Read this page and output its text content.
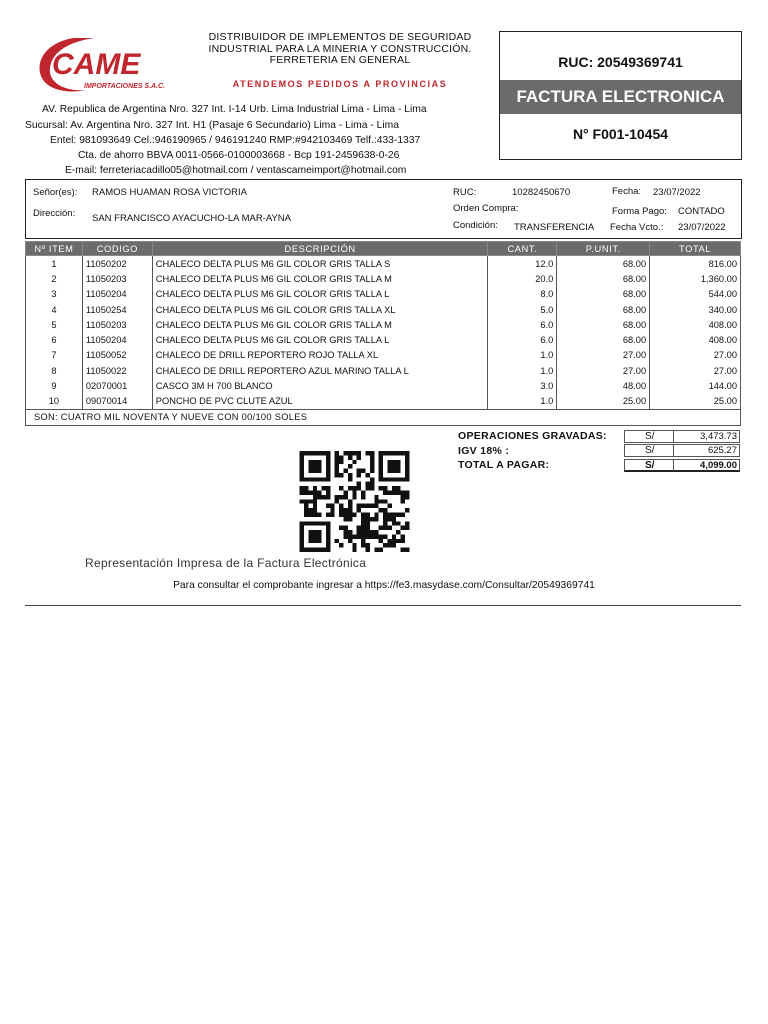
CAME
IMPORTACIONES S.A.C.
DISTRIBUIDOR DE IMPLEMENTOS DE SEGURIDAD
INDUSTRIAL PARA LA MINERIA Y CONSTRUCCIÓN.
FERRETERIA EN GENERAL
ATENDEMOS PEDIDOS A PROVINCIAS
AV. Republica de Argentina Nro. 327 Int. I-14 Urb. Lima Industrial Lima - Lima - Lima
Sucursal: Av. Argentina Nro. 327 Int. H1 (Pasaje 6 Secundario) Lima - Lima - Lima
Entel: 981093649 Cel.:946190965 / 946191240 RMP:#942103469 Telf.:433-1337
Cta. de ahorro BBVA 0011-0566-0100003668 - Bcp 191-2459638-0-26
E-mail: ferreteriacadillo05@hotmail.com / ventascameimport@hotmail.com
RUC: 20549369741
FACTURA ELECTRONICA
N° F001-10454
Señor(es): RAMOS HUAMAN ROSA VICTORIA
Dirección: SAN FRANCISCO AYACUCHO-LA MAR-AYNA
RUC:	10282450670
Orden Compra:
Condición: TRANSFERENCIA
Fecha: 23/07/2022
Forma Pago: CONTADO
Fecha Vcto.: 23/07/2022
Nº ITEM	CODIGO	DESCRIPCIÓN	CANT.	P.UNIT.	TOTAL
1	11050202	CHALECO DELTA PLUS M6 GIL COLOR GRIS TALLA S	12.0	68.00	816.00
2	11050203	CHALECO DELTA PLUS M6 GIL COLOR GRIS TALLA M	20.0	68.00	1,360.00
3	11050204	CHALECO DELTA PLUS M6 GIL COLOR GRIS TALLA L	8.0	68.00	544.00
4	11050254	CHALECO DELTA PLUS M6 GIL COLOR GRIS TALLA XL	5.0	68.00	340.00
5	11050203	CHALECO DELTA PLUS M6 GIL COLOR GRIS TALLA M	6.0	68.00	408.00
6	11050204	CHALECO DELTA PLUS M6 GIL COLOR GRIS TALLA L	6.0	68.00	408.00
7	11050052	CHALECO DE DRILL REPORTERO ROJO TALLA XL	1.0	27.00	27.00
8	11050022	CHALECO DE DRILL REPORTERO AZUL MARINO TALLA L	1.0	27.00	27.00
9	02070001	CASCO 3M H 700 BLANCO	3.0	48.00	144.00
10	09070014	PONCHO DE PVC CLUTE AZUL	1.0	25.00	25.00
SON: CUATRO MIL NOVENTA Y NUEVE CON 00/100 SOLES
OPERACIONES GRAVADAS:	S/	3,473.73
IGV 18% :	S/	625.27
TOTAL A PAGAR:	S/	4,099.00
Representación Impresa de la Factura Electrónica
Para consultar el comprobante ingresar a https://fe3.masydase.com/Consultar/20549369741
